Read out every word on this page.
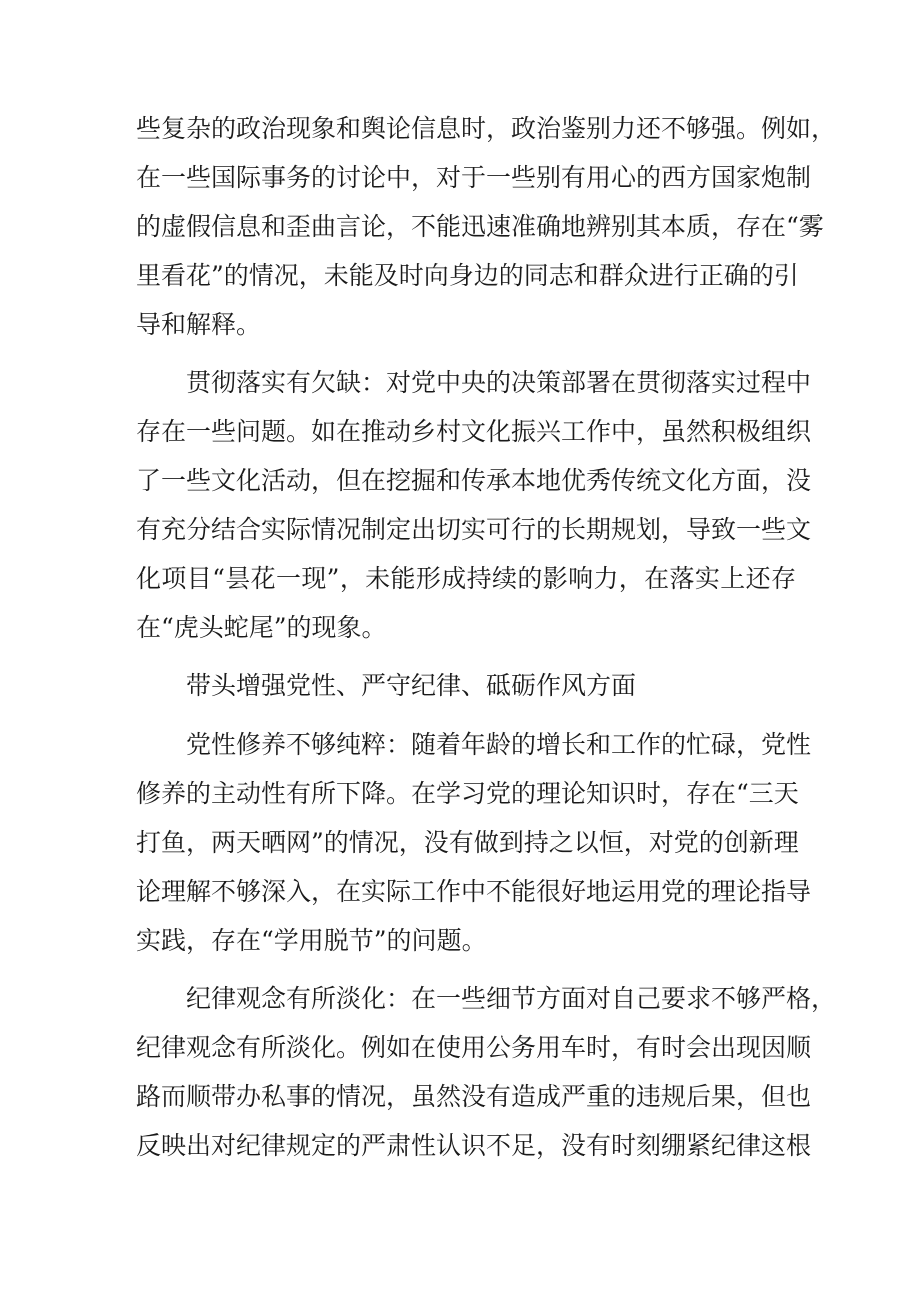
些复杂的政治现象和舆论信息时，政治鉴别力还不够强。例如，
在一些国际事务的讨论中，对于一些别有用心的西方国家炮制
的虚假信息和歪曲言论，不能迅速准确地辨别其本质，存在“雾
里看花”的情况，未能及时向身边的同志和群众进行正确的引
导和解释。
贯彻落实有欠缺：对党中央的决策部署在贯彻落实过程中
存在一些问题。如在推动乡村文化振兴工作中，虽然积极组织
了一些文化活动，但在挖掘和传承本地优秀传统文化方面，没
有充分结合实际情况制定出切实可行的长期规划，导致一些文
化项目“昙花一现”，未能形成持续的影响力，在落实上还存
在“虎头蛇尾”的现象。
带头增强党性、严守纪律、砥砺作风方面
党性修养不够纯粹：随着年龄的增长和工作的忙碌，党性
修养的主动性有所下降。在学习党的理论知识时，存在“三天
打鱼，两天晒网”的情况，没有做到持之以恒，对党的创新理
论理解不够深入，在实际工作中不能很好地运用党的理论指导
实践，存在“学用脱节”的问题。
纪律观念有所淡化：在一些细节方面对自己要求不够严格，
纪律观念有所淡化。例如在使用公务用车时，有时会出现因顺
路而顺带办私事的情况，虽然没有造成严重的违规后果，但也
反映出对纪律规定的严肃性认识不足，没有时刻绷紧纪律这根
